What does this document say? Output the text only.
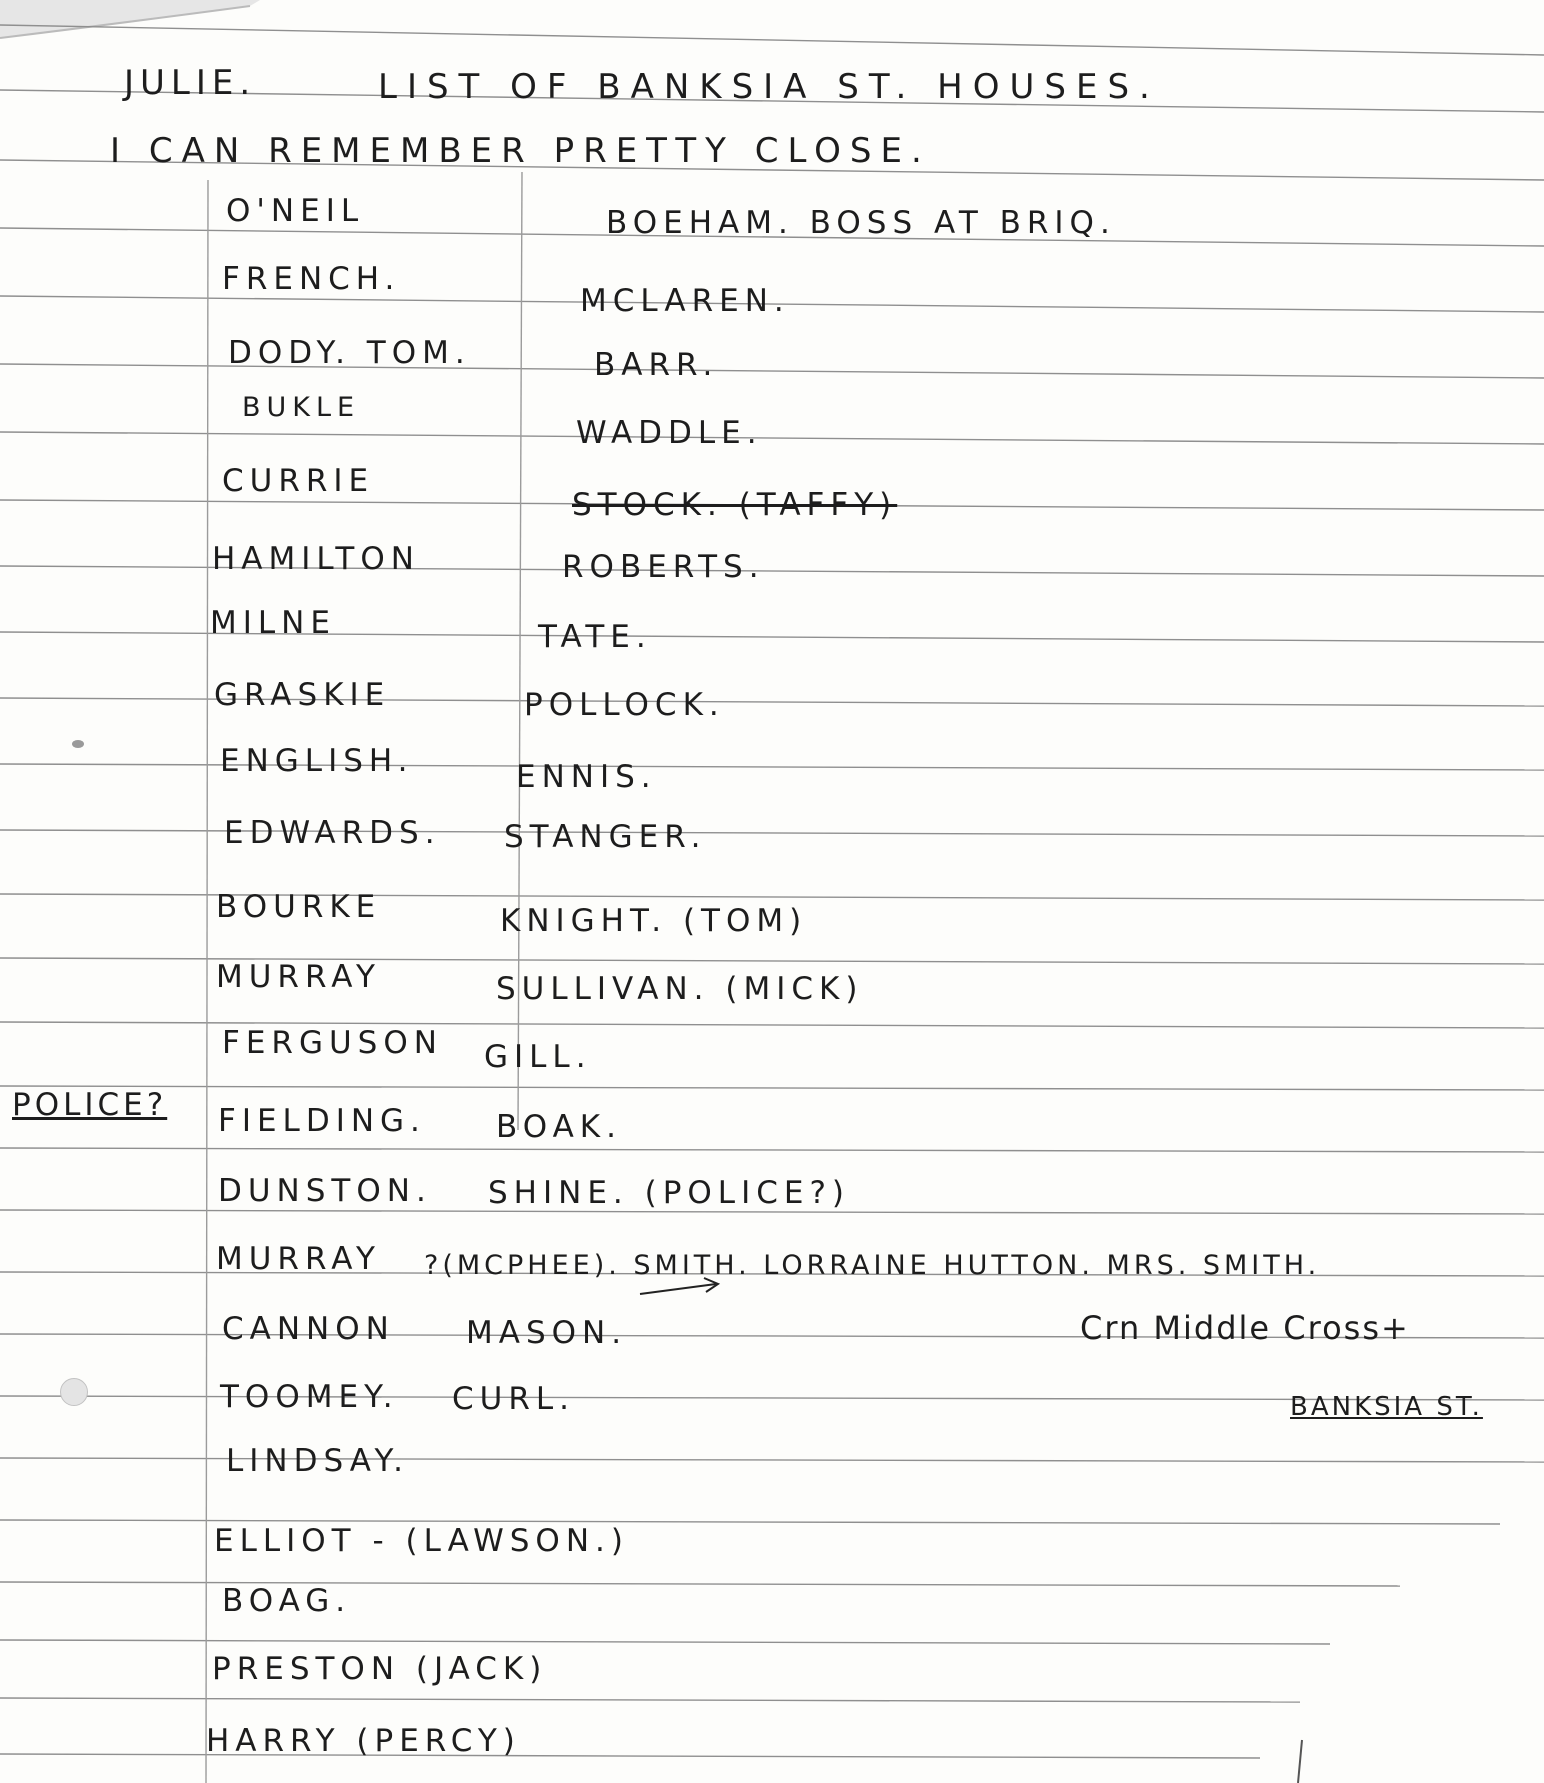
JULIE.	LIST OF BANKSIA ST. HOUSES.
I CAN REMEMBER PRETTY CLOSE.
O'NEIL
FRENCH.
DODY. TOM.
BUKLE
CURRIE
HAMILTON
MILNE
GRASKIE
ENGLISH.
EDWARDS.
BOURKE
MURRAY
FERGUSON
FIELDING.
DUNSTON.
MURRAY
CANNON
TOOMEY.
LINDSAY.
ELLIOT - (LAWSON.)
BOAG.
PRESTON (JACK)
HARRY (PERCY)
BOEHAM. BOSS AT BRIQ.
MCLAREN.
BARR.
WADDLE.
STOCK. (TAFFY)
ROBERTS.
TATE.
POLLOCK.
ENNIS.
STANGER.
KNIGHT. (TOM)
SULLIVAN. (MICK)
GILL.
BOAK.
SHINE. (POLICE?)
?(MCPHEE). SMITH. LORRAINE HUTTON. MRS. SMITH.
MASON.
CURL.
POLICE?
Crn Middle Cross+
BANKSIA ST.
